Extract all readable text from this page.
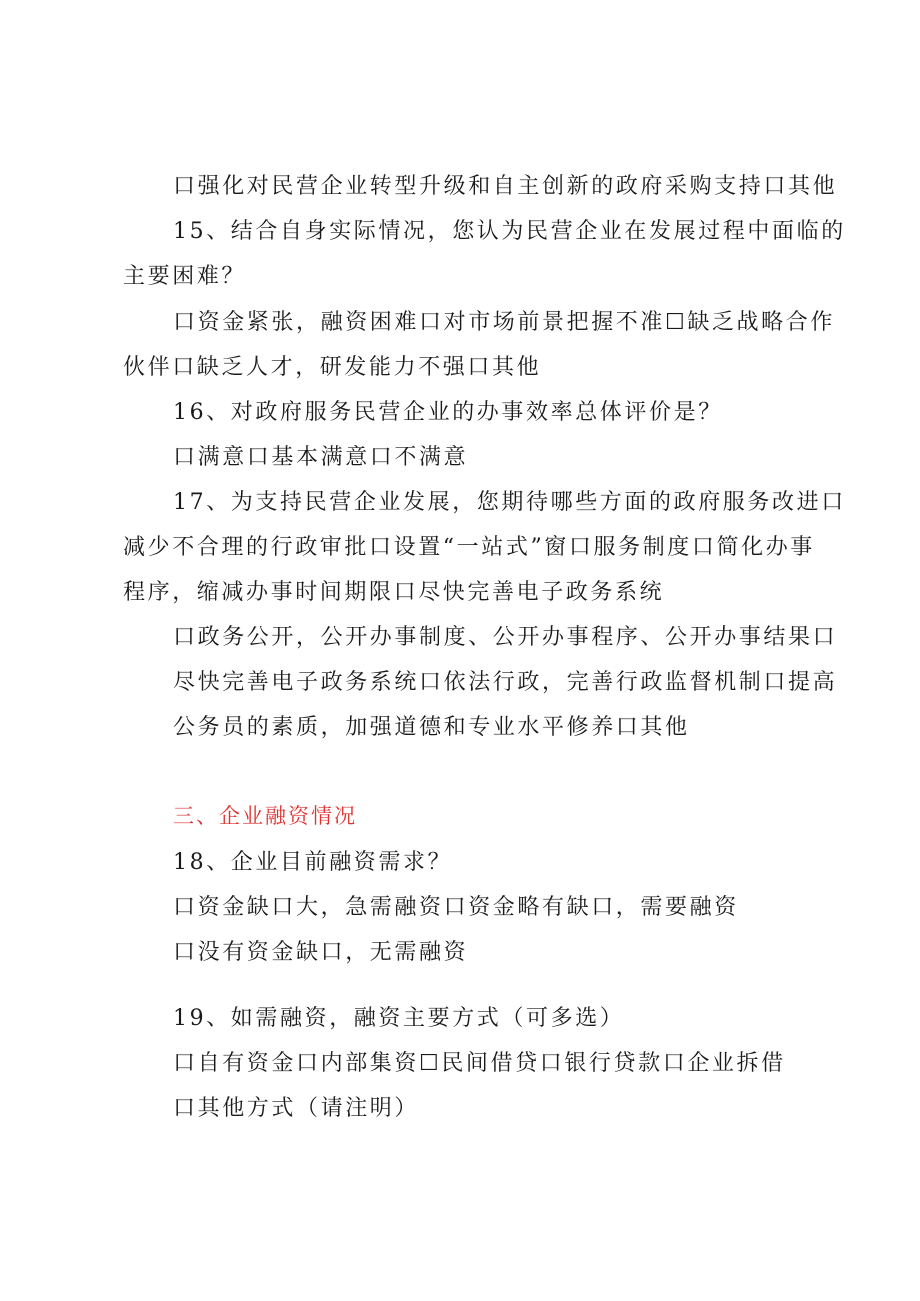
口强化对民营企业转型升级和自主创新的政府采购支持口其他
15、结合自身实际情况，您认为民营企业在发展过程中面临的
主要困难？
口资金紧张，融资困难口对市场前景把握不准☐缺乏战略合作
伙伴口缺乏人才，研发能力不强口其他
16、对政府服务民营企业的办事效率总体评价是？
口满意口基本满意口不满意
17、为支持民营企业发展，您期待哪些方面的政府服务改进口
减少不合理的行政审批口设置“一站式”窗口服务制度口简化办事
程序，缩减办事时间期限口尽快完善电子政务系统
口政务公开，公开办事制度、公开办事程序、公开办事结果口
尽快完善电子政务系统口依法行政，完善行政监督机制口提高
公务员的素质，加强道德和专业水平修养口其他
三、企业融资情况
18、企业目前融资需求？
口资金缺口大，急需融资口资金略有缺口，需要融资
口没有资金缺口，无需融资
19、如需融资，融资主要方式（可多选）
口自有资金口内部集资☐民间借贷口银行贷款口企业拆借
口其他方式（请注明）
